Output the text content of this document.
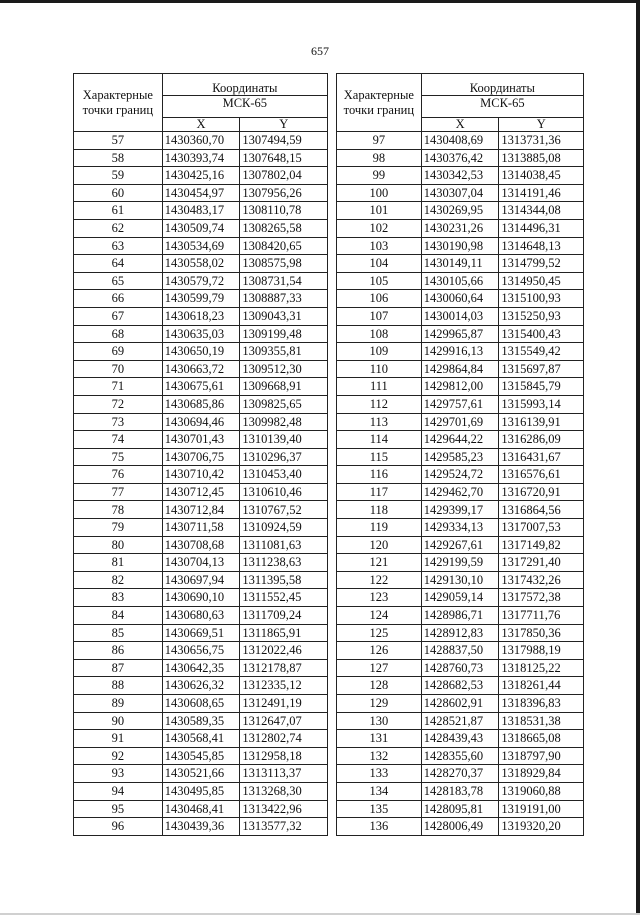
657
Характерные точки границ	Координаты	
	МСК-65	
	X	Y
57	1430360,70	1307494,59
58	1430393,74	1307648,15
59	1430425,16	1307802,04
60	1430454,97	1307956,26
61	1430483,17	1308110,78
62	1430509,74	1308265,58
63	1430534,69	1308420,65
64	1430558,02	1308575,98
65	1430579,72	1308731,54
66	1430599,79	1308887,33
67	1430618,23	1309043,31
68	1430635,03	1309199,48
69	1430650,19	1309355,81
70	1430663,72	1309512,30
71	1430675,61	1309668,91
72	1430685,86	1309825,65
73	1430694,46	1309982,48
74	1430701,43	1310139,40
75	1430706,75	1310296,37
76	1430710,42	1310453,40
77	1430712,45	1310610,46
78	1430712,84	1310767,52
79	1430711,58	1310924,59
80	1430708,68	1311081,63
81	1430704,13	1311238,63
82	1430697,94	1311395,58
83	1430690,10	1311552,45
84	1430680,63	1311709,24
85	1430669,51	1311865,91
86	1430656,75	1312022,46
87	1430642,35	1312178,87
88	1430626,32	1312335,12
89	1430608,65	1312491,19
90	1430589,35	1312647,07
91	1430568,41	1312802,74
92	1430545,85	1312958,18
93	1430521,66	1313113,37
94	1430495,85	1313268,30
95	1430468,41	1313422,96
96	1430439,36	1313577,32
Характерные точки границ	Координаты	
	МСК-65	
	X	Y
97	1430408,69	1313731,36
98	1430376,42	1313885,08
99	1430342,53	1314038,45
100	1430307,04	1314191,46
101	1430269,95	1314344,08
102	1430231,26	1314496,31
103	1430190,98	1314648,13
104	1430149,11	1314799,52
105	1430105,66	1314950,45
106	1430060,64	1315100,93
107	1430014,03	1315250,93
108	1429965,87	1315400,43
109	1429916,13	1315549,42
110	1429864,84	1315697,87
111	1429812,00	1315845,79
112	1429757,61	1315993,14
113	1429701,69	1316139,91
114	1429644,22	1316286,09
115	1429585,23	1316431,67
116	1429524,72	1316576,61
117	1429462,70	1316720,91
118	1429399,17	1316864,56
119	1429334,13	1317007,53
120	1429267,61	1317149,82
121	1429199,59	1317291,40
122	1429130,10	1317432,26
123	1429059,14	1317572,38
124	1428986,71	1317711,76
125	1428912,83	1317850,36
126	1428837,50	1317988,19
127	1428760,73	1318125,22
128	1428682,53	1318261,44
129	1428602,91	1318396,83
130	1428521,87	1318531,38
131	1428439,43	1318665,08
132	1428355,60	1318797,90
133	1428270,37	1318929,84
134	1428183,78	1319060,88
135	1428095,81	1319191,00
136	1428006,49	1319320,20
